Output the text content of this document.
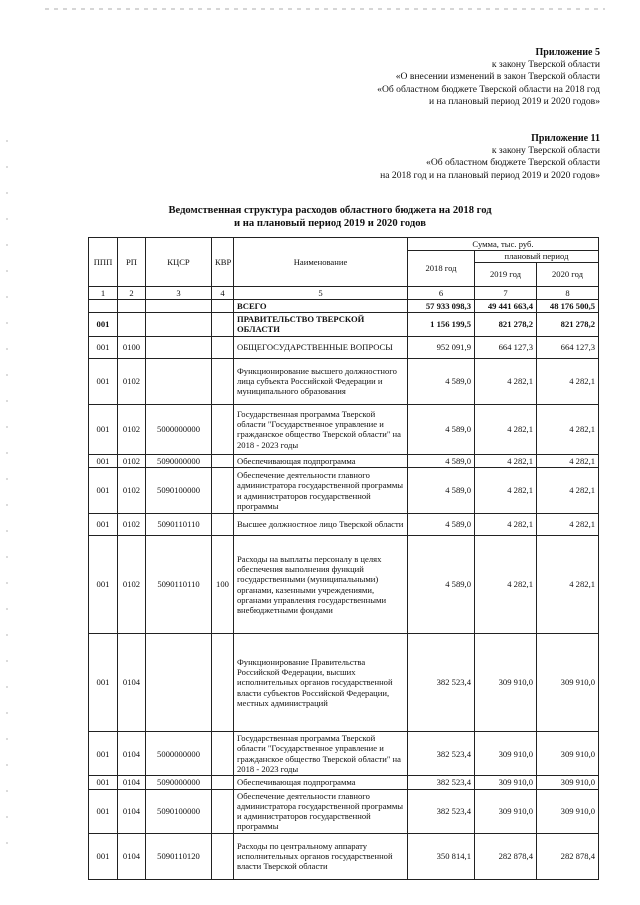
Приложение 5
к закону Тверской области
«О внесении изменений в закон Тверской области
«Об областном бюджете Тверской области на 2018 год
и на плановый период 2019 и 2020 годов»
Приложение 11
к закону Тверской области
«Об областном бюджете Тверской области
на 2018 год и на плановый период 2019 и 2020 годов»
Ведомственная структура расходов областного бюджета на 2018 год
и на плановый период 2019 и 2020 годов
ППП	РП	КЦСР	КВР	Наименование	Сумма, тыс. руб.		
					2018 год	плановый период	
						2019 год	2020 год
1	2	3	4	5	6	7	8
				ВСЕГО	57 933 098,3	49 441 663,4	48 176 500,5
001				ПРАВИТЕЛЬСТВО ТВЕРСКОЙ ОБЛАСТИ	1 156 199,5	821 278,2	821 278,2
001	0100			ОБЩЕГОСУДАРСТВЕННЫЕ ВОПРОСЫ	952 091,9	664 127,3	664 127,3
001	0102			Функционирование высшего должностного лица субъекта Российской Федерации и муниципального образования	4 589,0	4 282,1	4 282,1
001	0102	5000000000		Государственная программа Тверской области "Государственное управление и гражданское общество Тверской области" на 2018 - 2023 годы	4 589,0	4 282,1	4 282,1
001	0102	5090000000		Обеспечивающая подпрограмма	4 589,0	4 282,1	4 282,1
001	0102	5090100000		Обеспечение деятельности главного администратора государственной программы и администраторов государственной программы	4 589,0	4 282,1	4 282,1
001	0102	5090110110		Высшее должностное лицо Тверской области	4 589,0	4 282,1	4 282,1
001	0102	5090110110	100	Расходы на выплаты персоналу в целях обеспечения выполнения функций государственными (муниципальными) органами, казенными учреждениями, органами управления государственными внебюджетными фондами	4 589,0	4 282,1	4 282,1
001	0104			Функционирование Правительства Российской Федерации, высших исполнительных органов государственной власти субъектов Российской Федерации, местных администраций	382 523,4	309 910,0	309 910,0
001	0104	5000000000		Государственная программа Тверской области "Государственное управление и гражданское общество Тверской области" на 2018 - 2023 годы	382 523,4	309 910,0	309 910,0
001	0104	5090000000		Обеспечивающая подпрограмма	382 523,4	309 910,0	309 910,0
001	0104	5090100000		Обеспечение деятельности главного администратора государственной программы и администраторов государственной программы	382 523,4	309 910,0	309 910,0
001	0104	5090110120		Расходы по центральному аппарату исполнительных органов государственной власти Тверской области	350 814,1	282 878,4	282 878,4
